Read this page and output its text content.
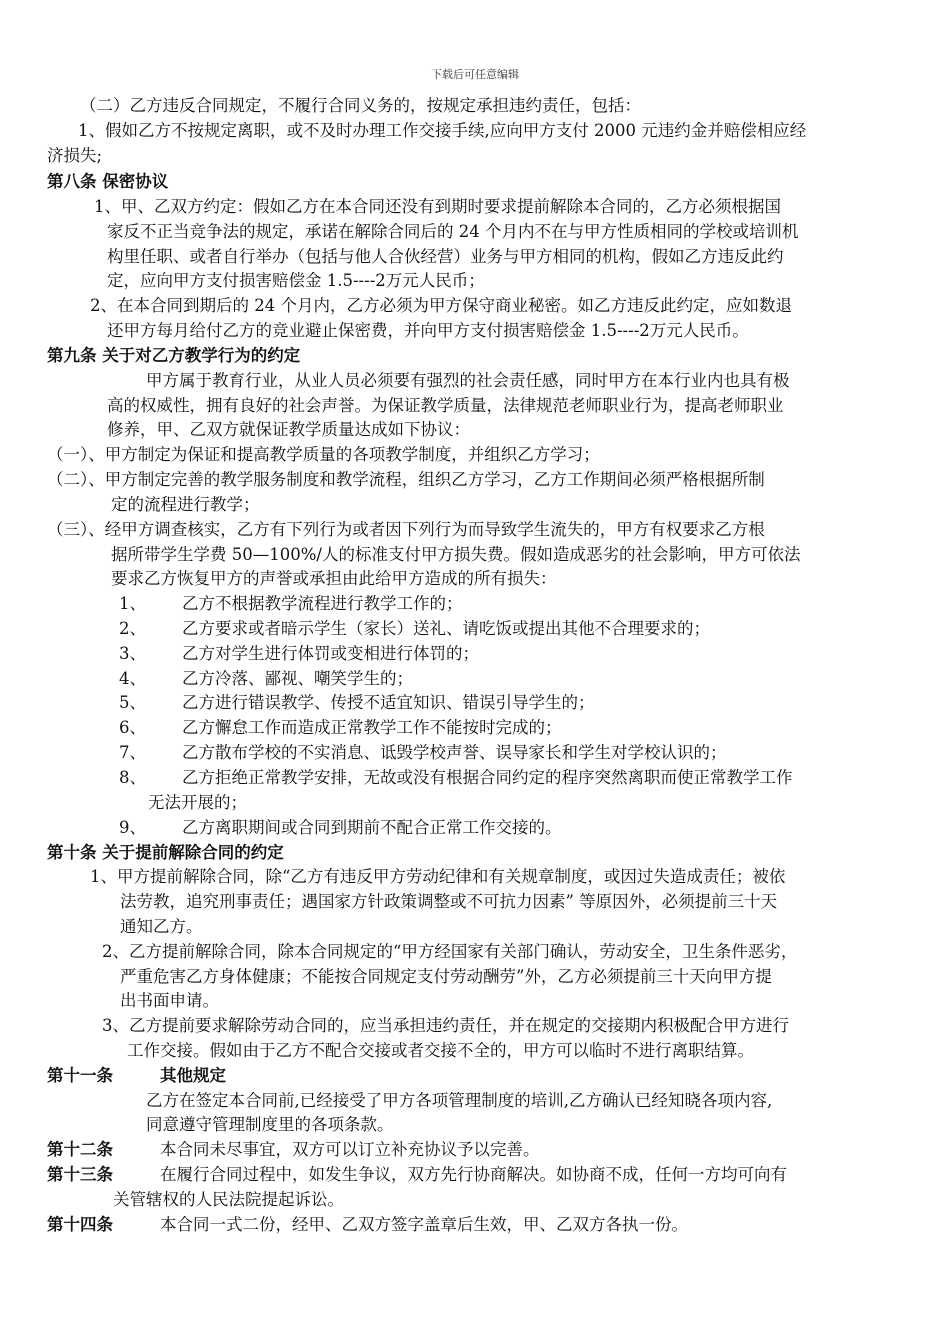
下载后可任意编辑
（二）乙方违反合同规定，不履行合同义务的，按规定承担违约责任，包括：
1、假如乙方不按规定离职，或不及时办理工作交接手续,应向甲方支付 2000 元违约金并赔偿相应经
济损失;
第八条 保密协议
1、甲、乙双方约定：假如乙方在本合同还没有到期时要求提前解除本合同的，乙方必须根据国
家反不正当竞争法的规定，承诺在解除合同后的 24 个月内不在与甲方性质相同的学校或培训机
构里任职、或者自行举办（包括与他人合伙经营）业务与甲方相同的机构，假如乙方违反此约
定，应向甲方支付损害赔偿金 1.5----2万元人民币；
2、在本合同到期后的 24 个月内，乙方必须为甲方保守商业秘密。如乙方违反此约定，应如数退
还甲方每月给付乙方的竞业避止保密费，并向甲方支付损害赔偿金 1.5----2万元人民币。
第九条 关于对乙方教学行为的约定
甲方属于教育行业，从业人员必须要有强烈的社会责任感，同时甲方在本行业内也具有极
高的权威性，拥有良好的社会声誉。为保证教学质量，法律规范老师职业行为，提高老师职业
修养，甲、乙双方就保证教学质量达成如下协议：
（一）、甲方制定为保证和提高教学质量的各项教学制度，并组织乙方学习；
（二）、甲方制定完善的教学服务制度和教学流程，组织乙方学习，乙方工作期间必须严格根据所制
定的流程进行教学；
（三）、经甲方调查核实，乙方有下列行为或者因下列行为而导致学生流失的，甲方有权要求乙方根
据所带学生学费 50—100%/人的标准支付甲方损失费。假如造成恶劣的社会影响，甲方可依法
要求乙方恢复甲方的声誉或承担由此给甲方造成的所有损失：
1、 乙方不根据教学流程进行教学工作的；
2、 乙方要求或者暗示学生（家长）送礼、请吃饭或提出其他不合理要求的；
3、 乙方对学生进行体罚或变相进行体罚的；
4、 乙方冷落、鄙视、嘲笑学生的；
5、 乙方进行错误教学、传授不适宜知识、错误引导学生的；
6、 乙方懈怠工作而造成正常教学工作不能按时完成的；
7、 乙方散布学校的不实消息、诋毁学校声誉、误导家长和学生对学校认识的；
8、 乙方拒绝正常教学安排，无故或没有根据合同约定的程序突然离职而使正常教学工作
无法开展的；
9、 乙方离职期间或合同到期前不配合正常工作交接的。
第十条 关于提前解除合同的约定
1、甲方提前解除合同，除“乙方有违反甲方劳动纪律和有关规章制度，或因过失造成责任；被依
法劳教，追究刑事责任；遇国家方针政策调整或不可抗力因素” 等原因外，必须提前三十天
通知乙方。
2、乙方提前解除合同，除本合同规定的“甲方经国家有关部门确认，劳动安全，卫生条件恶劣，
严重危害乙方身体健康；不能按合同规定支付劳动酬劳”外，乙方必须提前三十天向甲方提
出书面申请。
3、乙方提前要求解除劳动合同的，应当承担违约责任，并在规定的交接期内积极配合甲方进行
工作交接。假如由于乙方不配合交接或者交接不全的，甲方可以临时不进行离职结算。
第十一条	其他规定
乙方在签定本合同前,已经接受了甲方各项管理制度的培训,乙方确认已经知晓各项内容,
同意遵守管理制度里的各项条款。
第十二条	本合同未尽事宜，双方可以订立补充协议予以完善。
第十三条	在履行合同过程中，如发生争议，双方先行协商解决。如协商不成，任何一方均可向有
关管辖权的人民法院提起诉讼。
第十四条	本合同一式二份，经甲、乙双方签字盖章后生效，甲、乙双方各执一份。
